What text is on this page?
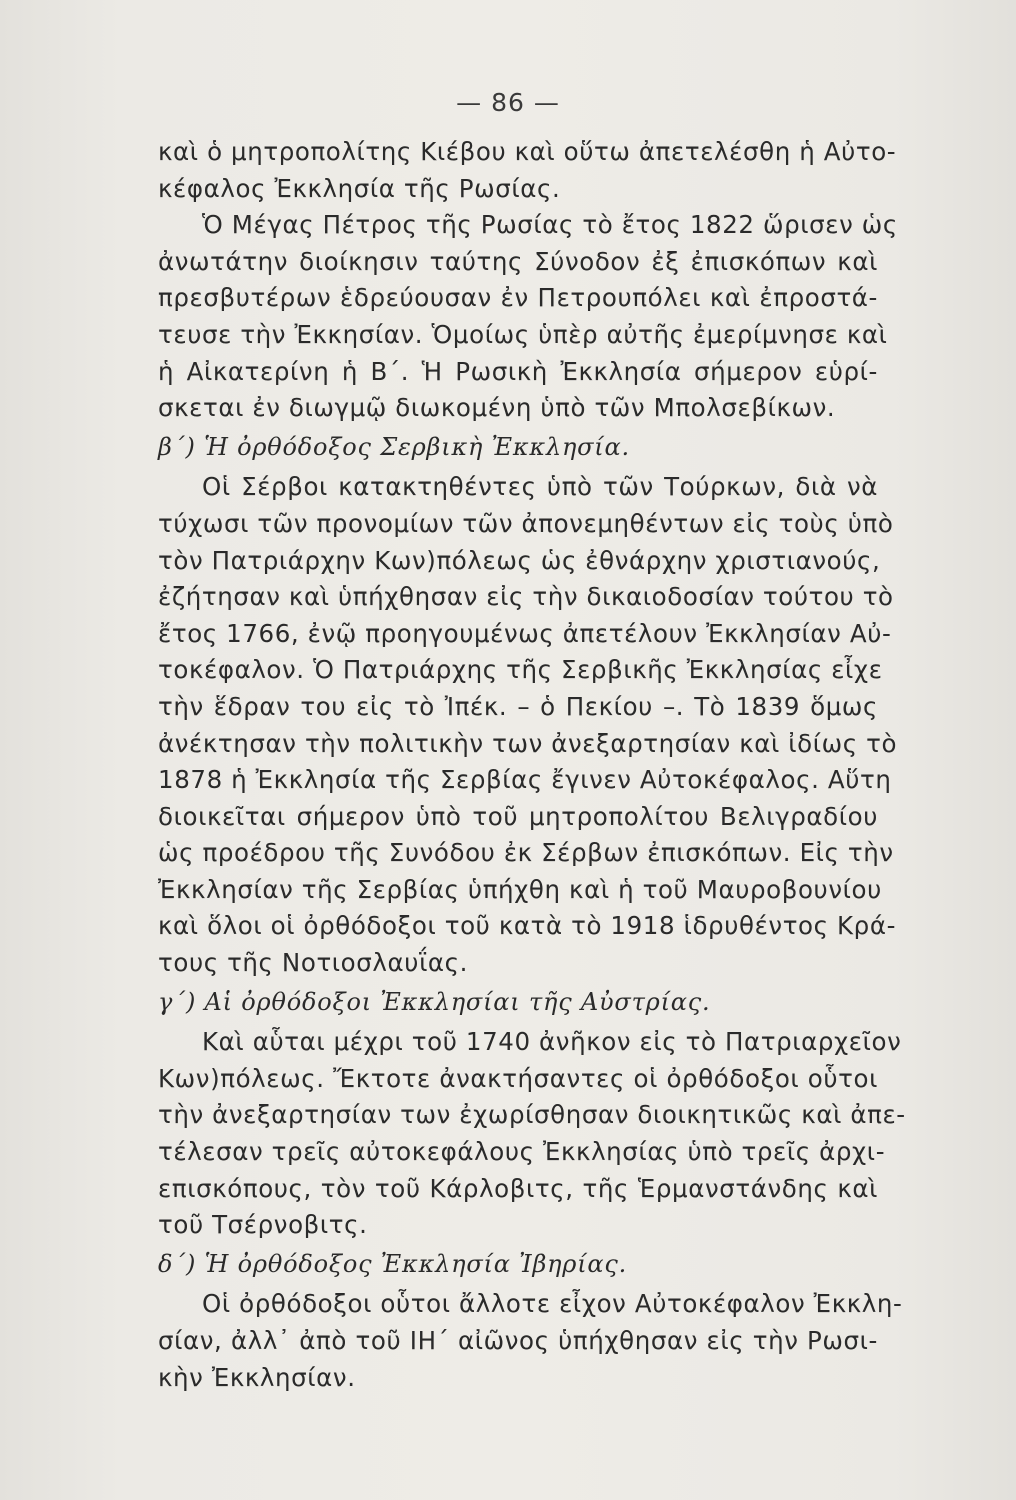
— 86 —
καὶ ὁ μητροπολίτης Κιέβου καὶ οὕτω ἀπετελέσθη ἡ Αὐτο-
κέφαλος Ἐκκλησία τῆς Ρωσίας.
Ὁ Μέγας Πέτρος τῆς Ρωσίας τὸ ἔτος 1822 ὥρισεν ὡς
ἀνωτάτην διοίκησιν ταύτης Σύνοδον ἐξ ἐπισκόπων καὶ
πρεσβυτέρων ἑδρεύουσαν ἐν Πετρουπόλει καὶ ἐπροστά-
τευσε τὴν Ἐκκησίαν. Ὁμοίως ὑπὲρ αὐτῆς ἐμερίμνησε καὶ
ἡ Αἰκατερίνη ἡ Β΄. Ἡ Ρωσικὴ Ἐκκλησία σήμερον εὑρί-
σκεται ἐν διωγμῷ διωκομένη ὑπὸ τῶν Μπολσεβίκων.
β΄) Ἡ ὀρθόδοξος Σερβικὴ Ἐκκλησία.
Οἱ Σέρβοι κατακτηθέντες ὑπὸ τῶν Τούρκων, διὰ νὰ
τύχωσι τῶν προνομίων τῶν ἀπονεμηθέντων εἰς τοὺς ὑπὸ
τὸν Πατριάρχην Κων)πόλεως ὡς ἐθνάρχην χριστιανούς,
ἐζήτησαν καὶ ὑπήχθησαν εἰς τὴν δικαιοδοσίαν τούτου τὸ
ἔτος 1766, ἐνῷ προηγουμένως ἀπετέλουν Ἐκκλησίαν Αὐ-
τοκέφαλον. Ὁ Πατριάρχης τῆς Σερβικῆς Ἐκκλησίας εἶχε
τὴν ἕδραν του εἰς τὸ Ἰπέκ. – ὁ Πεκίου –. Τὸ 1839 ὅμως
ἀνέκτησαν τὴν πολιτικὴν των ἀνεξαρτησίαν καὶ ἰδίως τὸ
1878 ἡ Ἐκκλησία τῆς Σερβίας ἔγινεν Αὐτοκέφαλος. Αὕτη
διοικεῖται σήμερον ὑπὸ τοῦ μητροπολίτου Βελιγραδίου
ὡς προέδρου τῆς Συνόδου ἐκ Σέρβων ἐπισκόπων. Εἰς τὴν
Ἐκκλησίαν τῆς Σερβίας ὑπήχθη καὶ ἡ τοῦ Μαυροβουνίου
καὶ ὅλοι οἱ ὀρθόδοξοι τοῦ κατὰ τὸ 1918 ἱδρυθέντος Κρά-
τους τῆς Νοτιοσλαυΐας.
γ΄) Αἱ ὀρθόδοξοι Ἐκκλησίαι τῆς Αὐστρίας.
Καὶ αὗται μέχρι τοῦ 1740 ἀνῆκον εἰς τὸ Πατριαρχεῖον
Κων)πόλεως. Ἔκτοτε ἀνακτήσαντες οἱ ὀρθόδοξοι οὗτοι
τὴν ἀνεξαρτησίαν των ἐχωρίσθησαν διοικητικῶς καὶ ἀπε-
τέλεσαν τρεῖς αὐτοκεφάλους Ἐκκλησίας ὑπὸ τρεῖς ἀρχι-
επισκόπους, τὸν τοῦ Κάρλοβιτς, τῆς Ἑρμανστάνδης καὶ
τοῦ Τσέρνοβιτς.
δ΄) Ἡ ὀρθόδοξος Ἐκκλησία Ἰβηρίας.
Οἱ ὀρθόδοξοι οὗτοι ἄλλοτε εἶχον Αὐτοκέφαλον Ἐκκλη-
σίαν, ἀλλ᾿ ἀπὸ τοῦ ΙΗ΄ αἰῶνος ὑπήχθησαν εἰς τὴν Ρωσι-
κὴν Ἐκκλησίαν.
